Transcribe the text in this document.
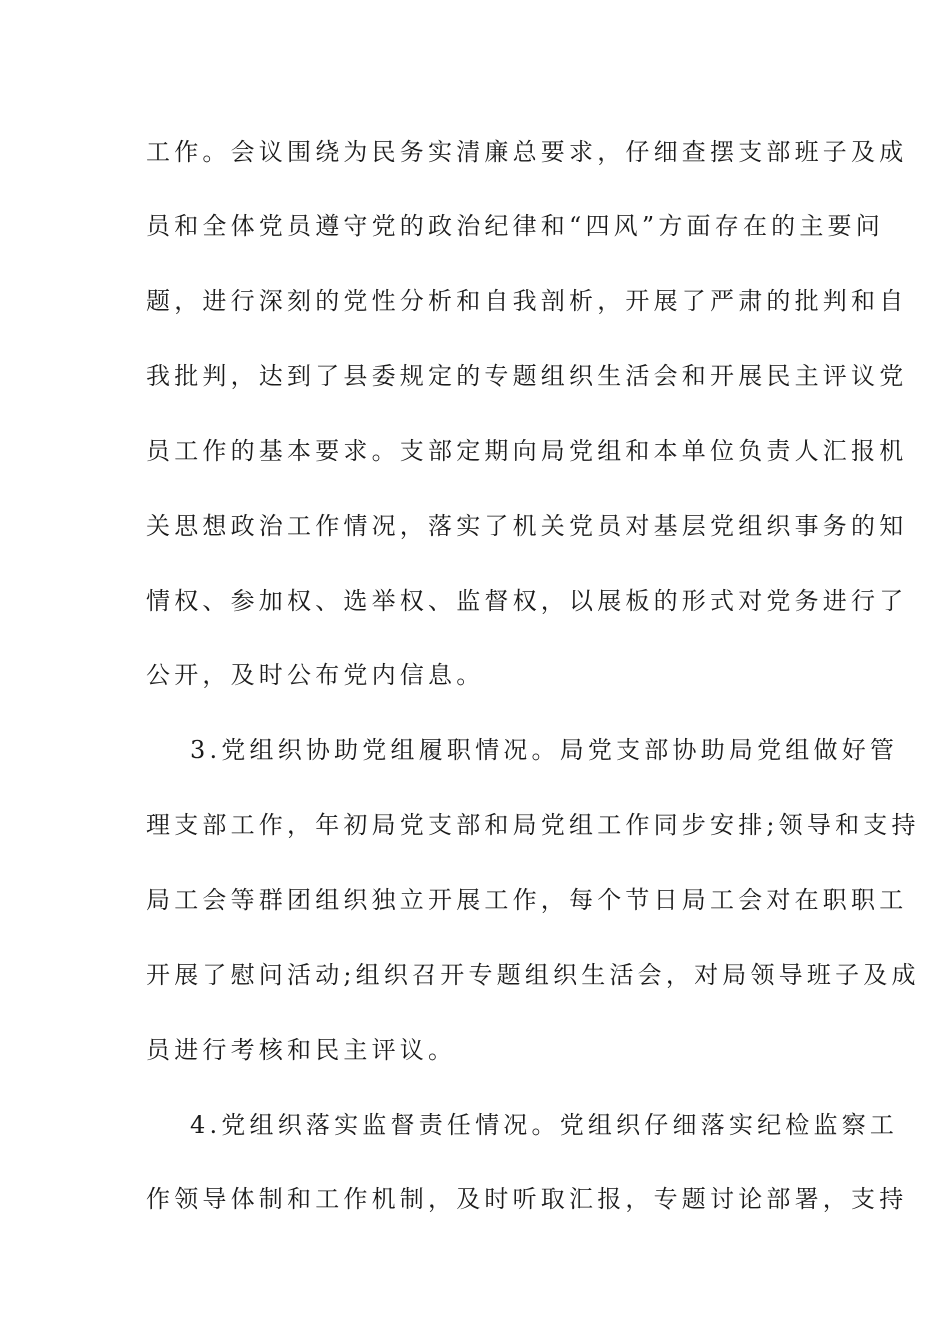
工作。会议围绕为民务实清廉总要求，仔细查摆支部班子及成
员和全体党员遵守党的政治纪律和“四风”方面存在的主要问
题，进行深刻的党性分析和自我剖析，开展了严肃的批判和自
我批判，达到了县委规定的专题组织生活会和开展民主评议党
员工作的基本要求。支部定期向局党组和本单位负责人汇报机
关思想政治工作情况，落实了机关党员对基层党组织事务的知
情权、参加权、选举权、监督权，以展板的形式对党务进行了
公开，及时公布党内信息。
3.党组织协助党组履职情况。局党支部协助局党组做好管
理支部工作，年初局党支部和局党组工作同步安排;领导和支持
局工会等群团组织独立开展工作，每个节日局工会对在职职工
开展了慰问活动;组织召开专题组织生活会，对局领导班子及成
员进行考核和民主评议。
4.党组织落实监督责任情况。党组织仔细落实纪检监察工
作领导体制和工作机制，及时听取汇报，专题讨论部署，支持
